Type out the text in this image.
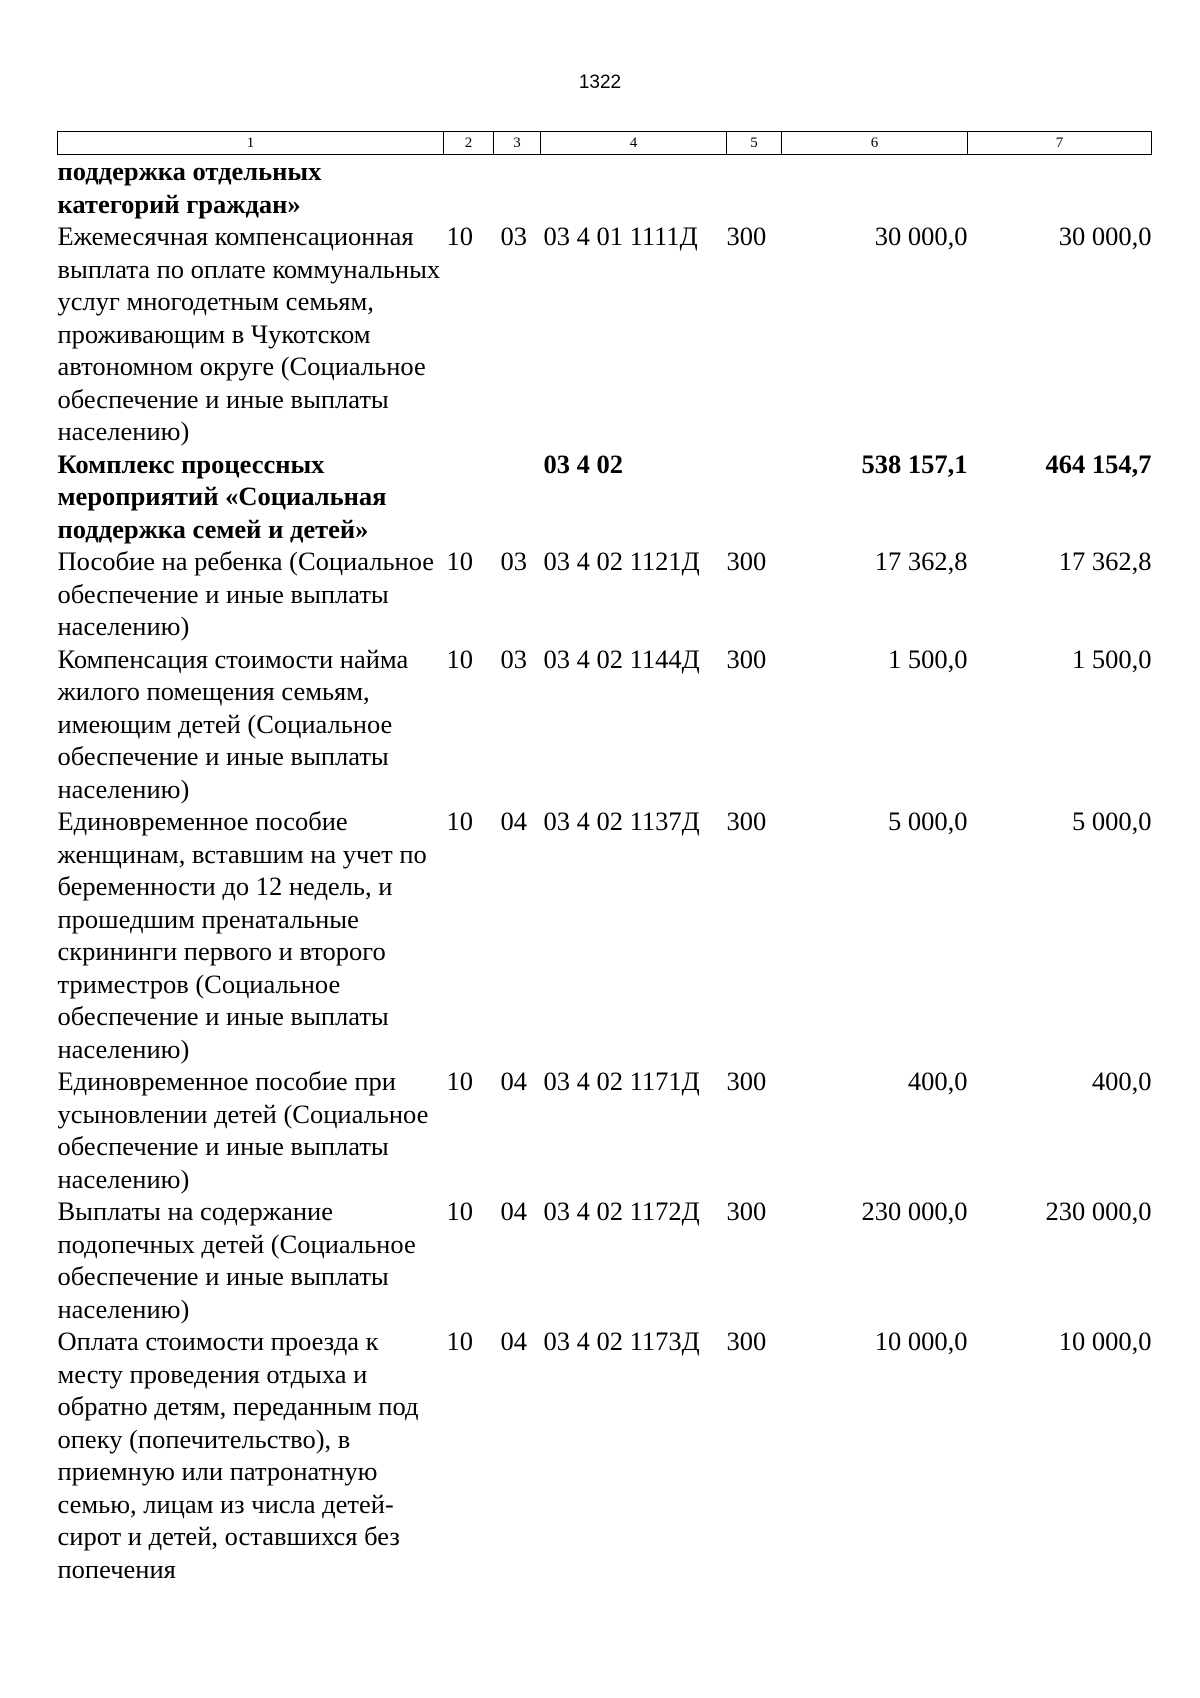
1322
1	2	3	4	5	6	7
поддержка отдельных категорий граждан»						
Ежемесячная компенсационная выплата по оплате коммунальных услуг многодетным семьям, проживающим в Чукотском автономном округе (Социальное обеспечение и иные выплаты населению)	10	03	03 4 01 1111Д	300	30 000,0	30 000,0
Комплекс процессных мероприятий «Социальная поддержка семей и детей»			03 4 02		538 157,1	464 154,7
Пособие на ребенка (Социальное обеспечение и иные выплаты населению)	10	03	03 4 02 1121Д	300	17 362,8	17 362,8
Компенсация стоимости найма жилого помещения семьям, имеющим детей (Социальное обеспечение и иные выплаты населению)	10	03	03 4 02 1144Д	300	1 500,0	1 500,0
Единовременное пособие женщинам, вставшим на учет по беременности до 12 недель, и прошедшим пренатальные скрининги первого и второго триместров (Социальное обеспечение и иные выплаты населению)	10	04	03 4 02 1137Д	300	5 000,0	5 000,0
Единовременное пособие при усыновлении детей (Социальное обеспечение и иные выплаты населению)	10	04	03 4 02 1171Д	300	400,0	400,0
Выплаты на содержание подопечных детей (Социальное обеспечение и иные выплаты населению)	10	04	03 4 02 1172Д	300	230 000,0	230 000,0
Оплата стоимости проезда к месту проведения отдыха и обратно детям, переданным под опеку (попечительство), в приемную или патронатную семью, лицам из числа детей-сирот и детей, оставшихся без попечения	10	04	03 4 02 1173Д	300	10 000,0	10 000,0
